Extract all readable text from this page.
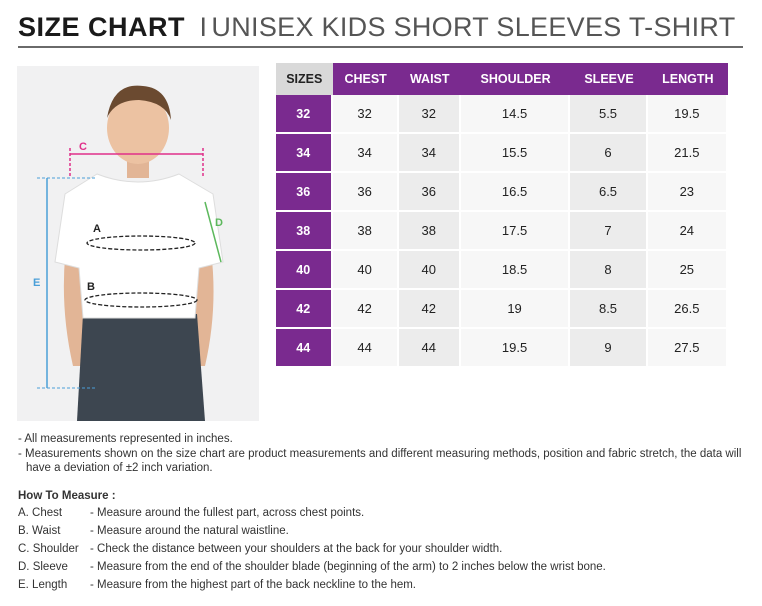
SIZE CHART I UNISEX KIDS SHORT SLEEVES T-SHIRT
C
D
E
A
B
SIZES	CHEST	WAIST	SHOULDER	SLEEVE	LENGTH
32	32	32	14.5	5.5	19.5
34	34	34	15.5	6	21.5
36	36	36	16.5	6.5	23
38	38	38	17.5	7	24
40	40	40	18.5	8	25
42	42	42	19	8.5	26.5
44	44	44	19.5	9	27.5
- All measurements represented in inches.
- Measurements shown on the size chart are product measurements and different measuring methods, position and fabric stretch, the data will have a deviation of ±2 inch variation.
How To Measure :
A. Chest - Measure around the fullest part, across chest points.
B. Waist	- Measure around the natural waistline.
C. Shoulder - Check the distance between your shoulders at the back for your shoulder width.
D. Sleeve - Measure from the end of the shoulder blade (beginning of the arm) to 2 inches below the wrist bone.
E. Length - Measure from the highest part of the back neckline to the hem.
